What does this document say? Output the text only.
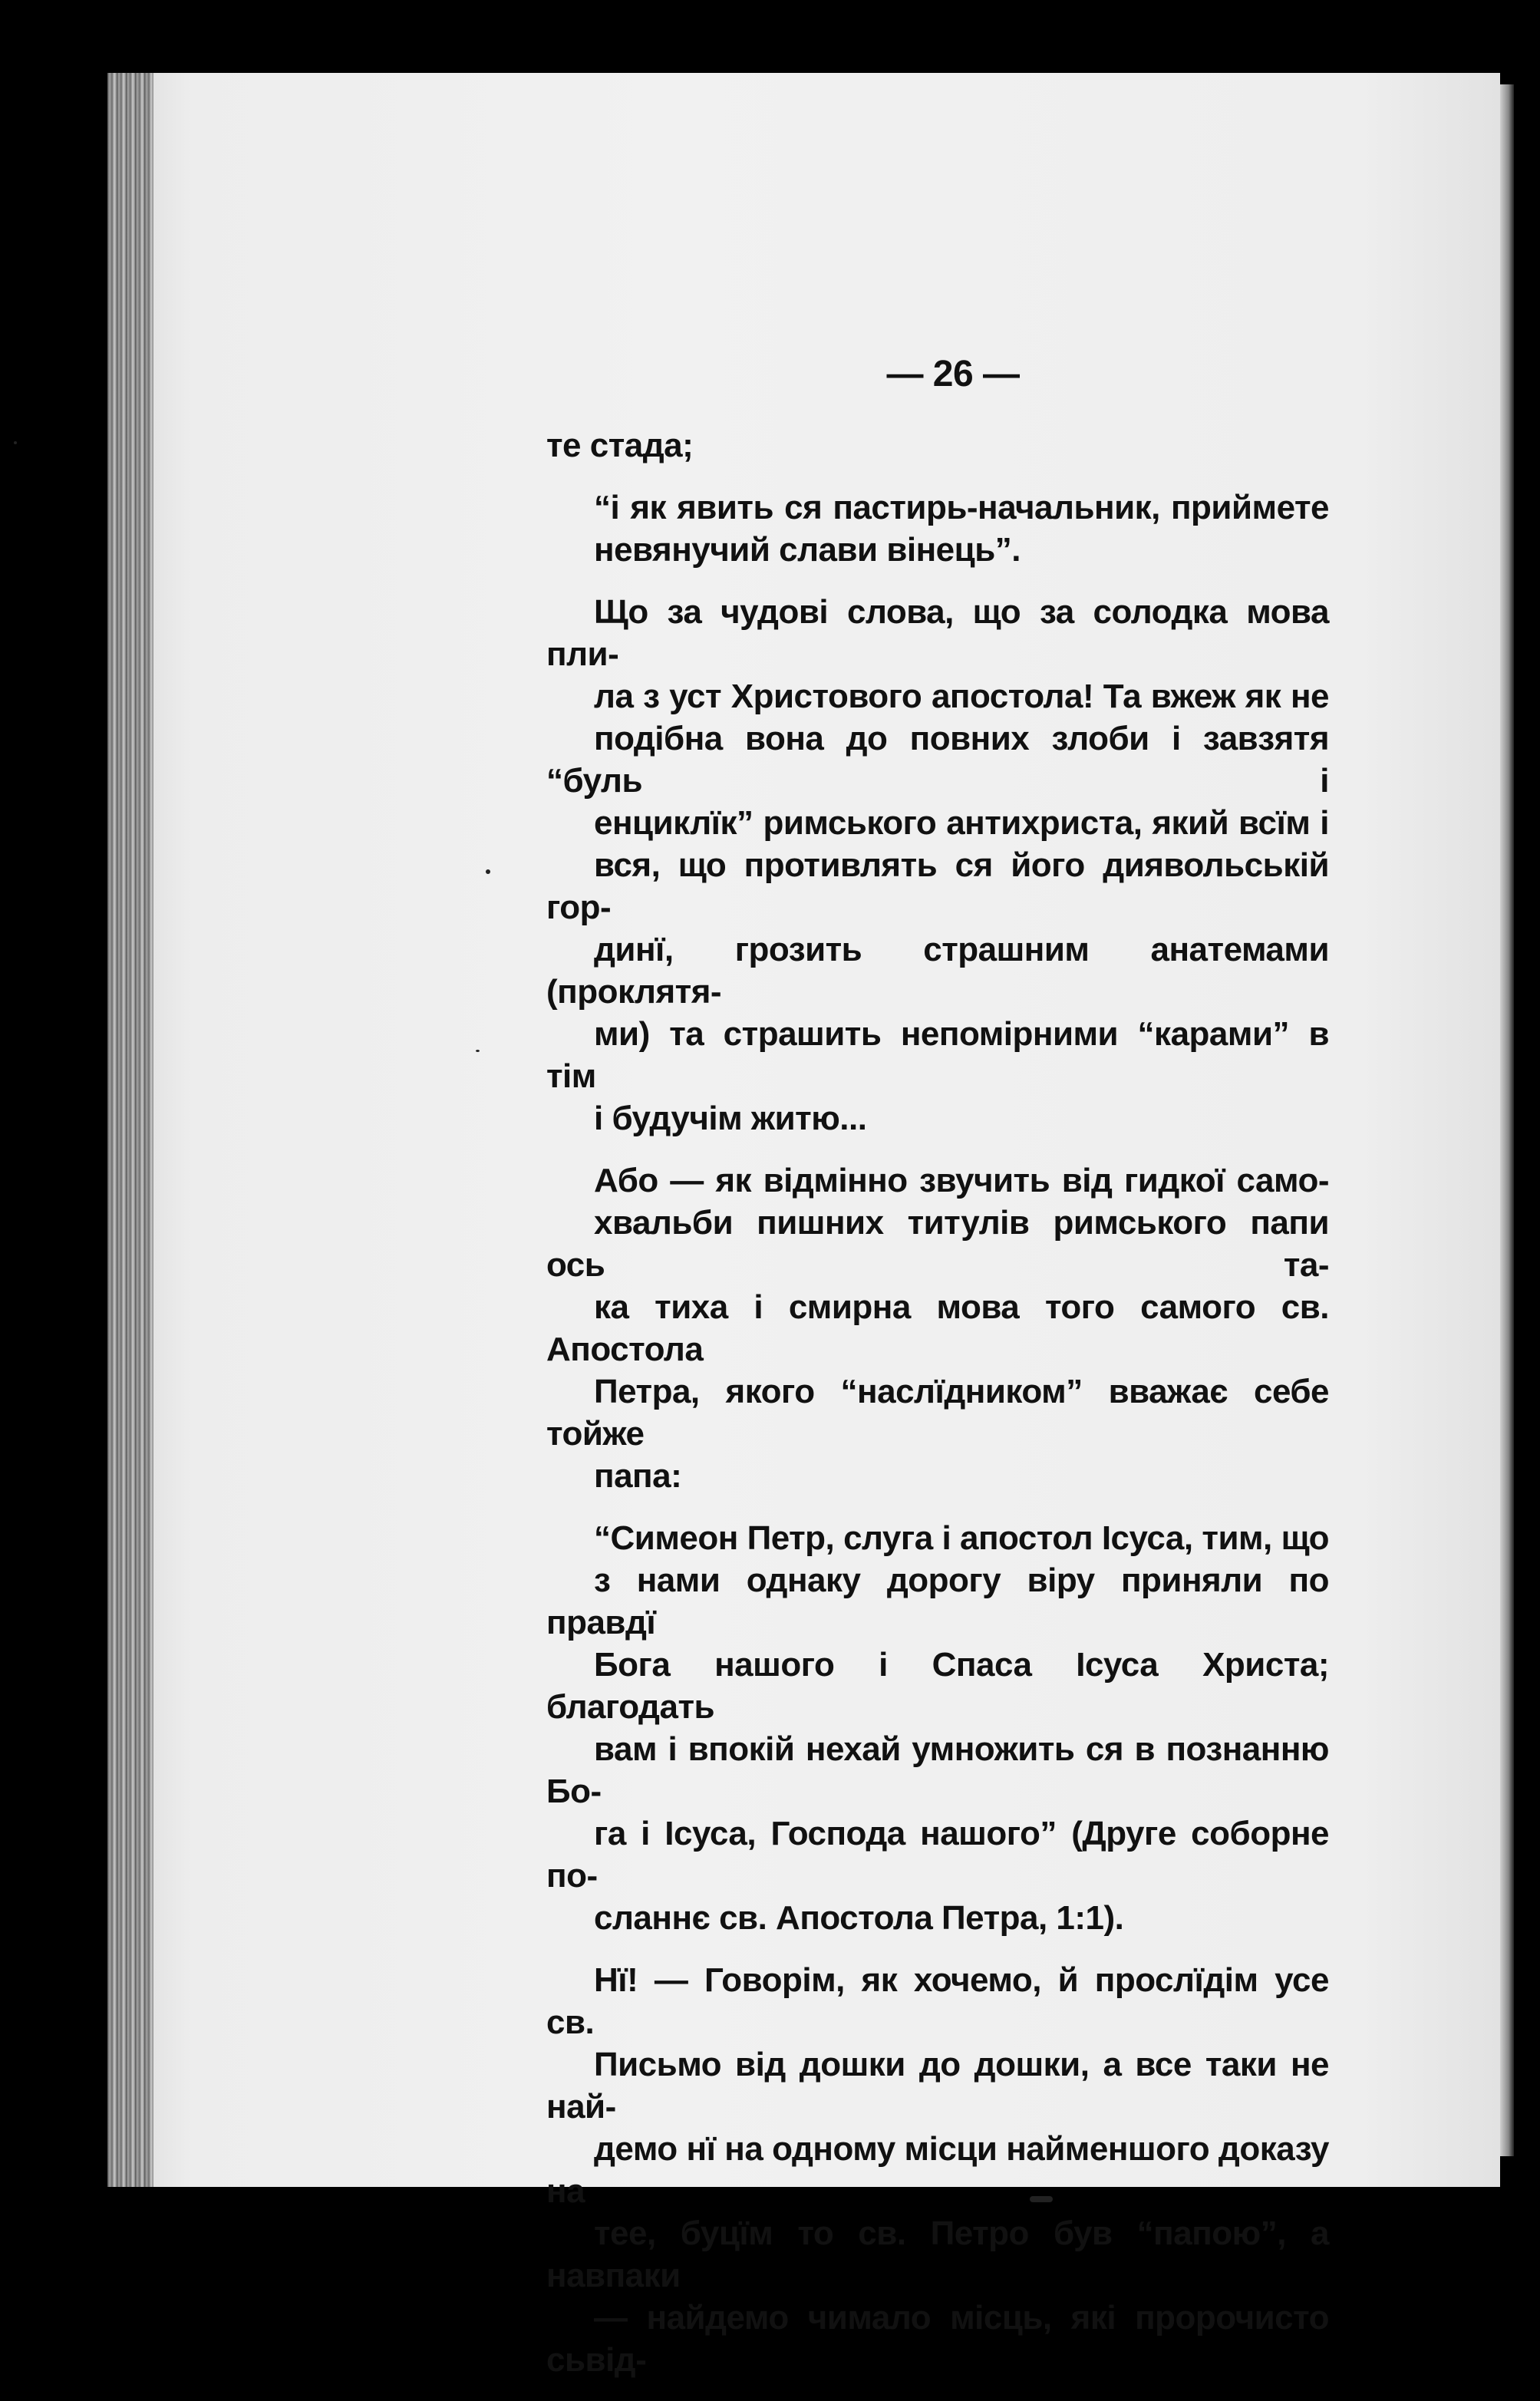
— 26 —
те стада;
“і як явить ся пастирь-начальник, приймете
невянучий слави вінець”.
Що за чудові слова, що за солодка мова пли-
ла з уст Христового апостола! Та вжеж як не
подібна вона до повних злоби і завзятя “буль і
енциклїк” римського антихриста, який всїм і
вся, що противлять ся його диявольській гор-
динї, грозить страшним анатемами (проклятя-
ми) та страшить непомірними “карами” в тім
і будучім житю...
Або — як відмінно звучить від гидкої само-
хвальби пишних титулів римського папи ось та-
ка тиха і смирна мова того самого св. Апостола
Петра, якого “наслїдником” вважає себе тойже
папа:
“Симеон Петр, слуга і апостол Ісуса, тим, що
з нами однаку дорогу віру приняли по правдї
Бога нашого і Спаса Ісуса Христа; благодать
вам і впокій нехай умножить ся в познанню Бо-
га і Ісуса, Господа нашого” (Друге соборне по-
сланнє св. Апостола Петра, 1:1).
Нї! — Говорім, як хочемо, й прослїдім усе св.
Письмо від дошки до дошки, а все таки не най-
демо нї на одному місци найменшого доказу на
тее, буцїм то св. Петро був “папою”, а навпаки
— найдемо чимало місць, які пророчисто сьвід-
